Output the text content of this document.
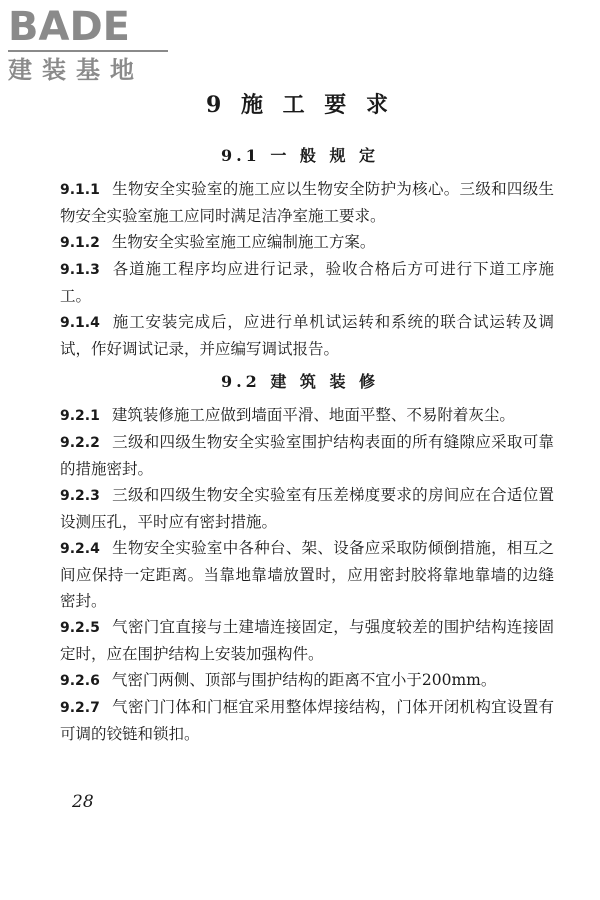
BADE
建装基地
9 施 工 要 求
9.1 一 般 规 定

9.1.1 生物安全实验室的施工应以生物安全防护为核心。三级和四级生物安全实验室施工应同时满足洁净室施工要求。

9.1.2 生物安全实验室施工应编制施工方案。

9.1.3 各道施工程序均应进行记录，验收合格后方可进行下道工序施工。

9.1.4 施工安装完成后，应进行单机试运转和系统的联合试运转及调试，作好调试记录，并应编写调试报告。

9.2 建 筑 装 修

9.2.1 建筑装修施工应做到墙面平滑、地面平整、不易附着灰尘。

9.2.2 三级和四级生物安全实验室围护结构表面的所有缝隙应采取可靠的措施密封。

9.2.3 三级和四级生物安全实验室有压差梯度要求的房间应在合适位置设测压孔，平时应有密封措施。

9.2.4 生物安全实验室中各种台、架、设备应采取防倾倒措施，相互之间应保持一定距离。当靠地靠墙放置时，应用密封胶将靠地靠墙的边缝密封。

9.2.5 气密门宜直接与土建墙连接固定，与强度较差的围护结构连接固定时，应在围护结构上安装加强构件。

9.2.6 气密门两侧、顶部与围护结构的距离不宜小于200mm。

9.2.7 气密门门体和门框宜采用整体焊接结构，门体开闭机构宜设置有可调的铰链和锁扣。

28
